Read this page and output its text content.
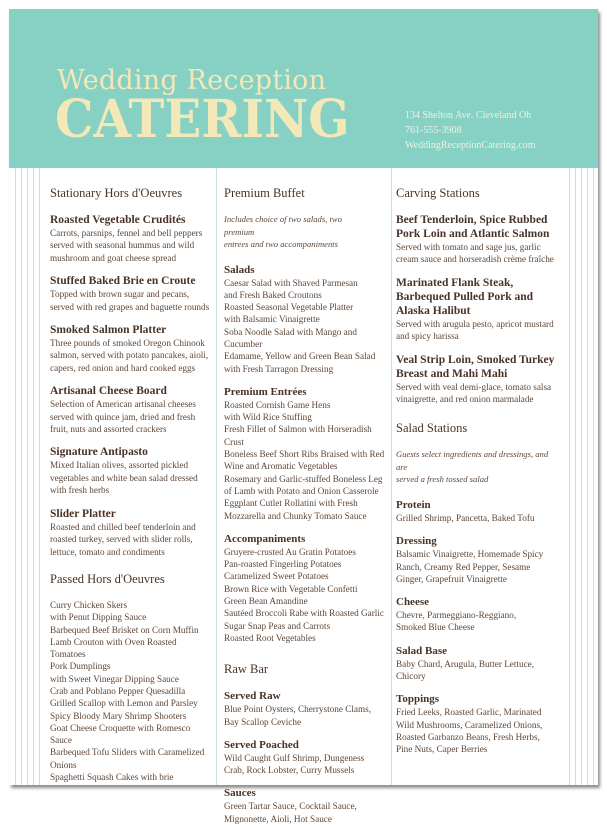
Wedding Reception
CATERING	134 Shelton Ave. Cleveland Oh
761-555-3908
WeddingReceptionCatering.com
Stationary Hors d'Oeuvres
Roasted Vegetable Crudités
Carrots, parsnips, fennel and bell peppers
served with seasonal hummus and wild
mushroom and goat cheese spread
Stuffed Baked Brie en Croute
Topped with brown sugar and pecans,
served with red grapes and baguette rounds
Smoked Salmon Platter
Three pounds of smoked Oregon Chinook
salmon, served with potato pancakes, aioli,
capers, red onion and hard cooked eggs
Artisanal Cheese Board
Selection of American artisanal cheeses
served with quince jam, dried and fresh
fruit, nuts and assorted crackers
Signature Antipasto
Mixed Italian olives, assorted pickled
vegetables and white bean salad dressed
with fresh herbs
Slider Platter
Roasted and chilled beef tenderloin and
roasted turkey, served with slider rolls,
lettuce, tomato and condiments
Passed Hors d'Oeuvres
Curry Chicken Skers
with Penut Dipping Sauce
Barbequed Beef Brisket on Corn Muffin
Lamb Crouton with Oven Roasted
Tomatoes
Pork Dumplings
with Sweet Vinegar Dipping Sauce
Crab and Poblano Pepper Quesadilla
Grilled Scallop with Lemon and Parsley
Spicy Bloody Mary Shrimp Shooters
Goat Cheese Croquette with Romesco
Sauce
Barbequed Tofu Sliders with Caramelized
Onions
Spaghetti Squash Cakes with brie
Premium Buffet
Includes choice of two salads, two premium
entrees and two accompaniments
Salads
Caesar Salad with Shaved Parmesan
and Fresh Baked Croutons
Roasted Seasonal Vegetable Platter
with Balsamic Vinaigrette
Soba Noodle Salad with Mango and
Cucumber
Edamame, Yellow and Green Bean Salad
with Fresh Tarragon Dressing
Premium Entrées
Roasted Cornish Game Hens
with Wild Rice Stuffing
Fresh Fillet of Salmon with Horseradish
Crust
Boneless Beef Short Ribs Braised with Red
Wine and Aromatic Vegetables
Rosemary and Garlic-stuffed Boneless Leg
of Lamb with Potato and Onion Casserole
Eggplant Cutlet Rollatini with Fresh
Mozzarella and Chunky Tomato Sauce
Accompaniments
Gruyere-crusted Au Gratin Potatoes
Pan-roasted Fingerling Potatoes
Caramelized Sweet Potatoes
Brown Rice with Vegetable Confetti
Green Bean Amandine
Sautéed Broccoli Rabe with Roasted Garlic
Sugar Snap Peas and Carrots
Roasted Root Vegetables
Raw Bar
Served Raw
Blue Point Oysters, Cherrystone Clams,
Bay Scallop Ceviche
Served Poached
Wild Caught Gulf Shrimp, Dungeness
Crab, Rock Lobster, Curry Mussels
Sauces
Green Tartar Sauce, Cocktail Sauce,
Mignonette, Aioli, Hot Sauce
Carving Stations
Beef Tenderloin, Spice Rubbed
Pork Loin and Atlantic Salmon
Served with tomato and sage jus, garlic
cream sauce and horseradish crème fraîche
Marinated Flank Steak,
Barbequed Pulled Pork and
Alaska Halibut
Served with arugula pesto, apricot mustard
and spicy harissa
Veal Strip Loin, Smoked Turkey
Breast and Mahi Mahi
Served with veal demi-glace, tomato salsa
vinaigrette, and red onion marmalade
Salad Stations
Guests select ingredients and dressings, and are
served a fresh tossed salad
Protein
Grilled Shrimp, Pancetta, Baked Tofu
Dressing
Balsamic Vinaigrette, Homemade Spicy
Ranch, Creamy Red Pepper, Sesame
Ginger, Grapefruit Vinaigrette
Cheese
Chevre, Parmeggiano-Reggiano,
Smoked Blue Cheese
Salad Base
Baby Chard, Arugula, Butter Lettuce,
Chicory
Toppings
Fried Leeks, Roasted Garlic, Marinated
Wild Mushrooms, Caramelized Onions,
Roasted Garbanzo Beans, Fresh Herbs,
Pine Nuts, Caper Berries
